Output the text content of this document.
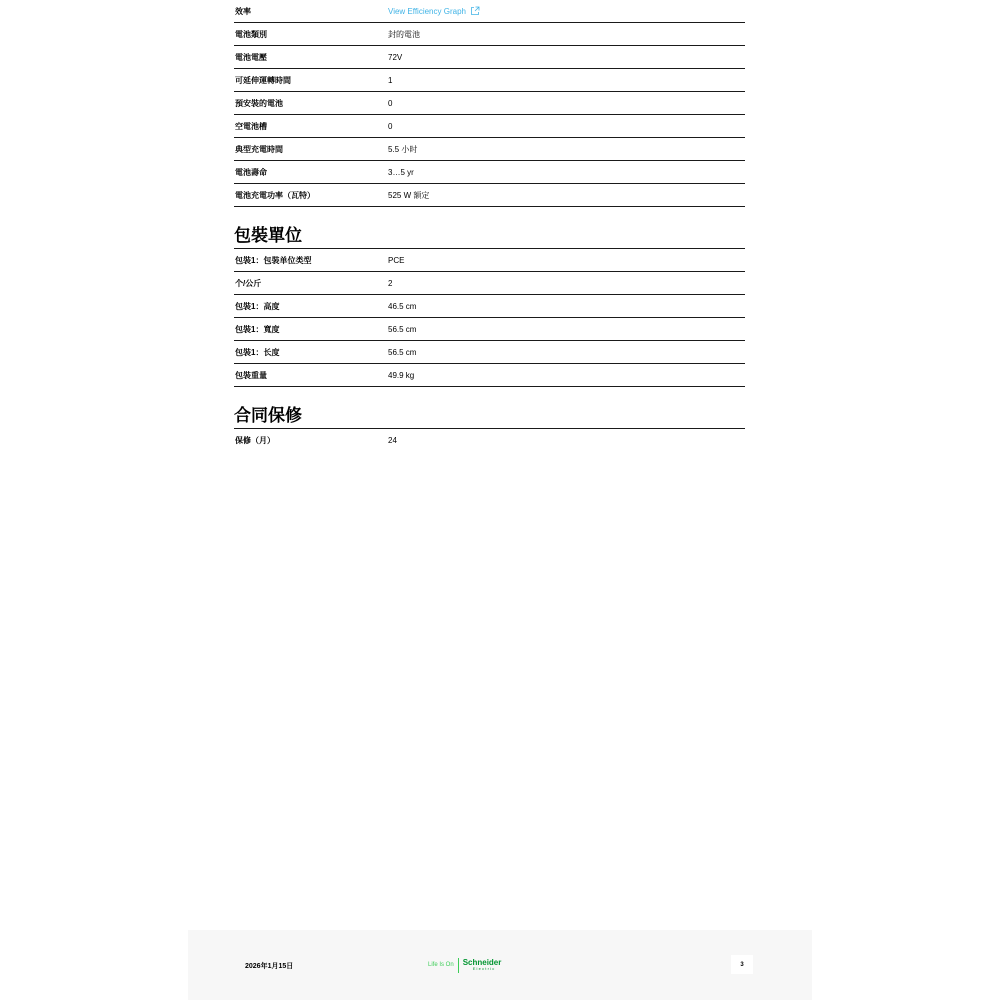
效率	View Efficiency Graph
電池類別	封的電池
電池電壓	72V
可延伸運轉時間	1
預安裝的電池	0
空電池槽	0
典型充電時間	5.5 小时
電池壽命	3…5 yr
電池充電功率（瓦特）	525 W 額定
包裝單位
包裝1：包裝单位类型	PCE
个/公斤	2
包裝1：高度	46.5 cm
包裝1：寬度	56.5 cm
包裝1：长度	56.5 cm
包裝重量	49.9 kg
合同保修
保修（月）	24
2026年1月15日	Life Is On	Schneider
Electric
3
